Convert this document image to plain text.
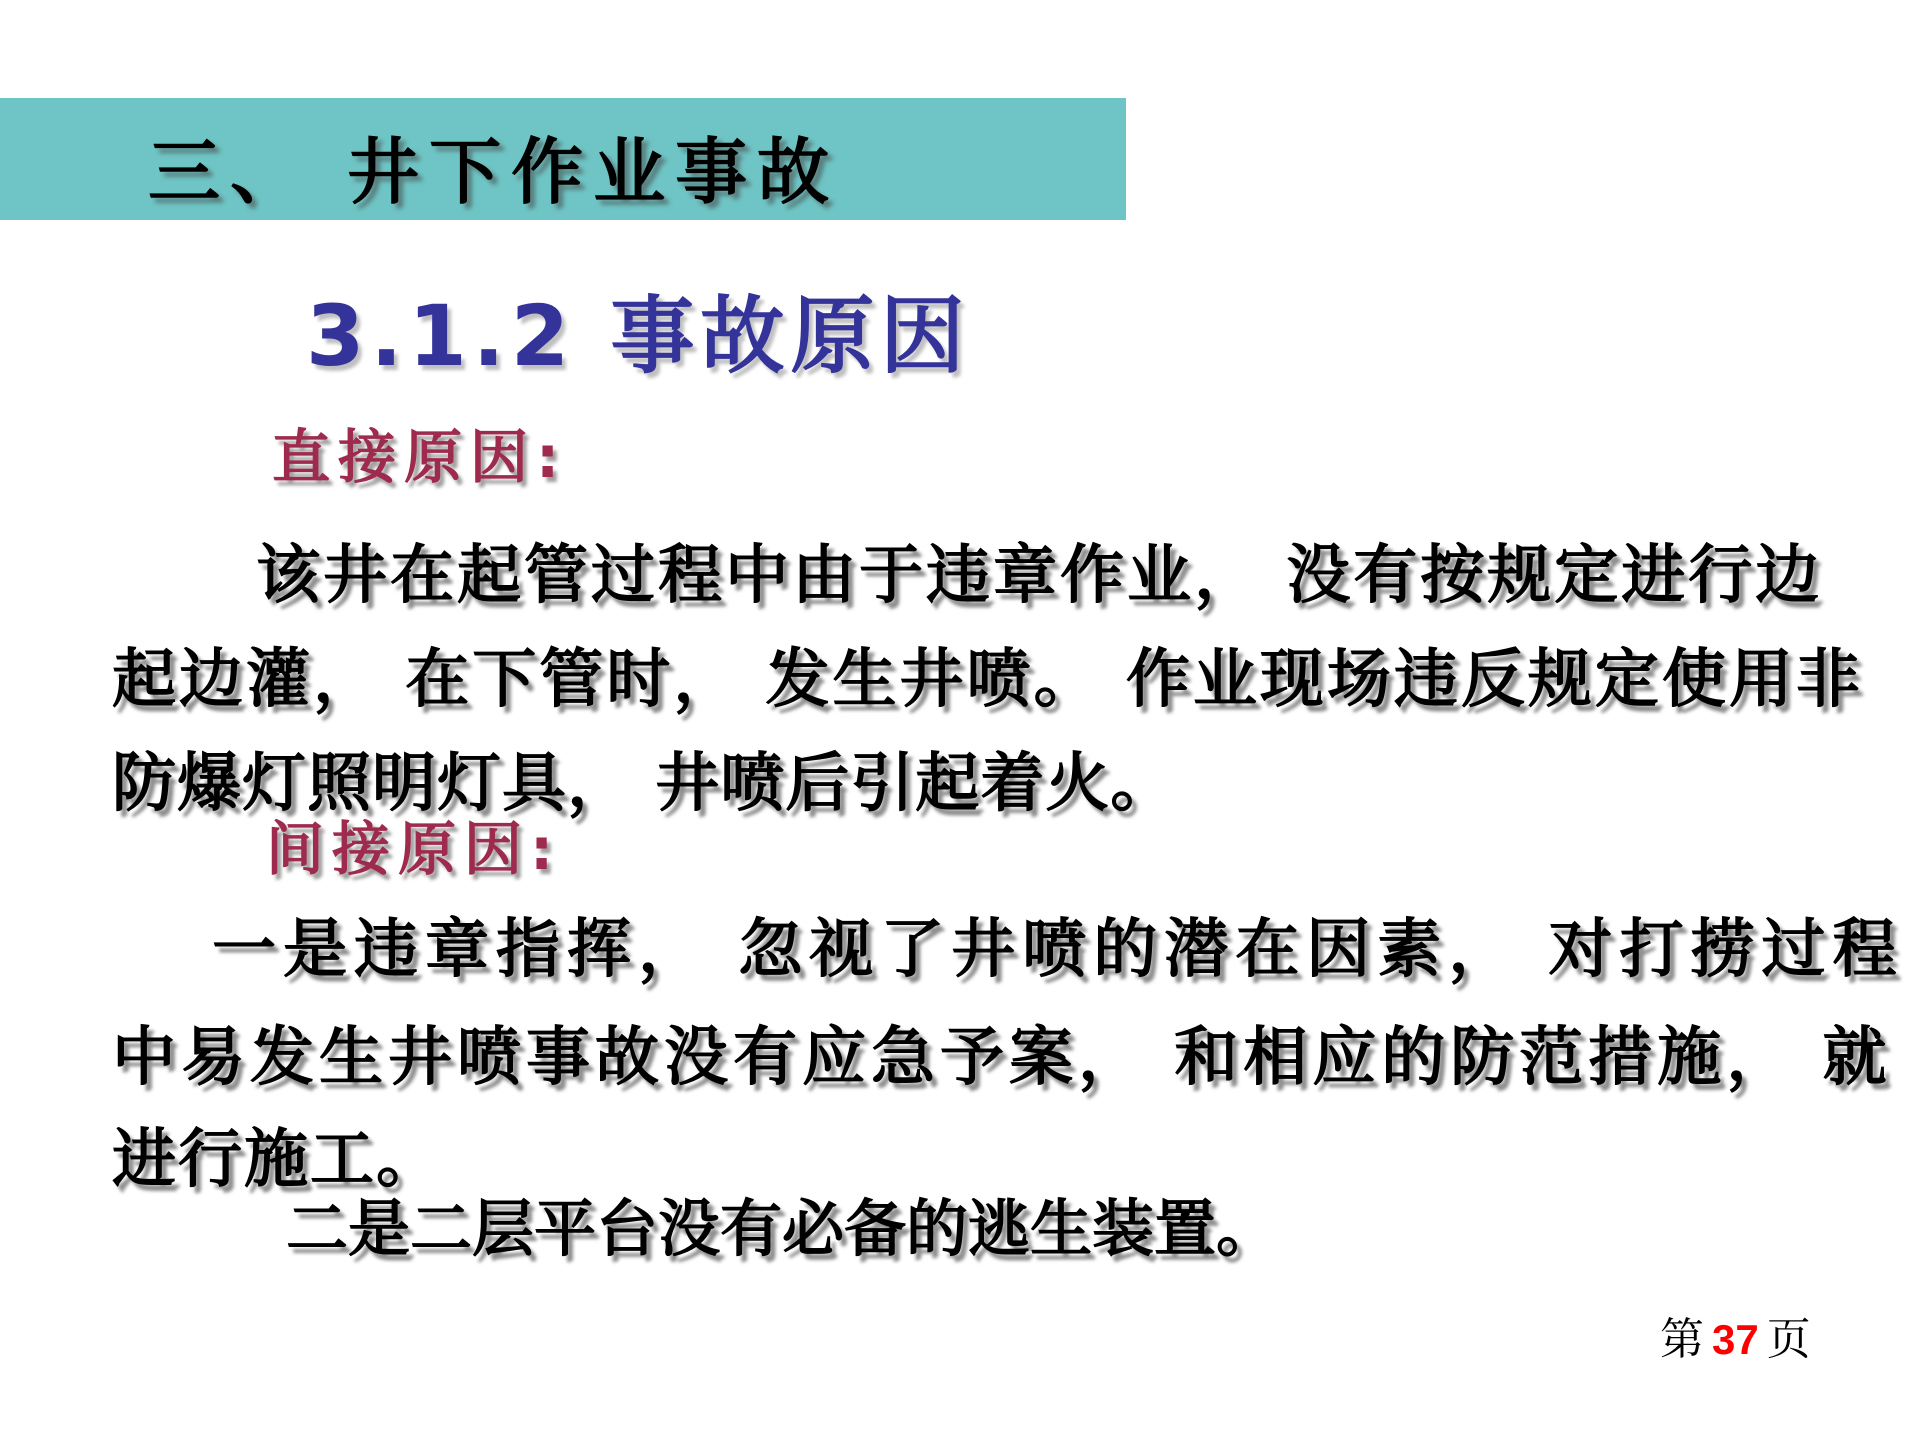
三、 井下作业事故
3.1.2 事故原因
直接原因:
该井在起管过程中由于违章作业， 没有按规定进行边
起边灌， 在下管时， 发生井喷。 作业现场违反规定使用非
防爆灯照明灯具， 井喷后引起着火。
间接原因:
一是违章指挥， 忽视了井喷的潜在因素， 对打捞过程
中易发生井喷事故没有应急予案， 和相应的防范措施， 就
进行施工。
二是二层平台没有必备的逃生装置。
第 37 页
